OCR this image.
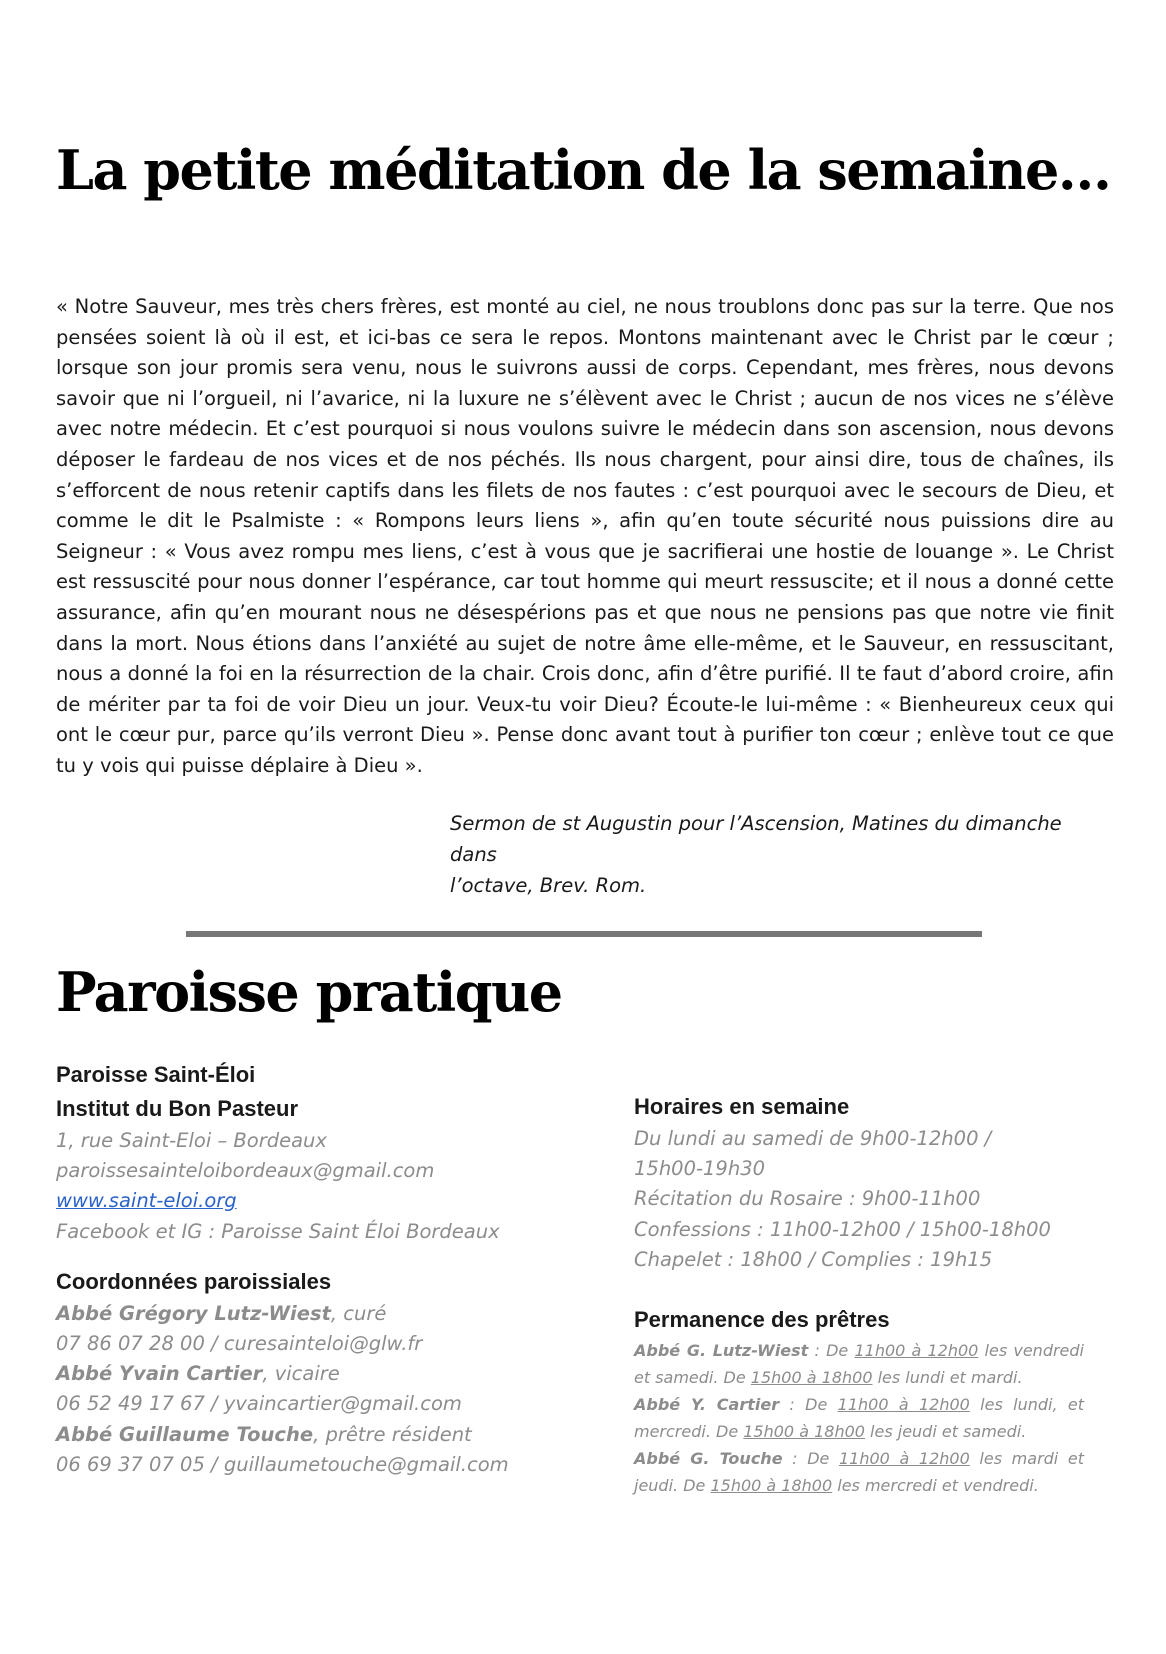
La petite méditation de la semaine…

« Notre Sauveur, mes très chers frères, est monté au ciel, ne nous troublons donc pas sur la terre. Que nos pensées soient là où il est, et ici-bas ce sera le repos. Montons maintenant avec le Christ par le cœur ; lorsque son jour promis sera venu, nous le suivrons aussi de corps. Cependant, mes frères, nous devons savoir que ni l’orgueil, ni l’avarice, ni la luxure ne s’élèvent avec le Christ ; aucun de nos vices ne s’élève avec notre médecin. Et c’est pourquoi si nous voulons suivre le médecin dans son ascension, nous devons déposer le fardeau de nos vices et de nos péchés. Ils nous chargent, pour ainsi dire, tous de chaînes, ils s’efforcent de nous retenir captifs dans les filets de nos fautes : c’est pourquoi avec le secours de Dieu, et comme le dit le Psalmiste : « Rompons leurs liens », afin qu’en toute sécurité nous puissions dire au Seigneur : « Vous avez rompu mes liens, c’est à vous que je sacrifierai une hostie de louange ». Le Christ est ressuscité pour nous donner l’espérance, car tout homme qui meurt ressuscite; et il nous a donné cette assurance, afin qu’en mourant nous ne désespérions pas et que nous ne pensions pas que notre vie finit dans la mort. Nous étions dans l’anxiété au sujet de notre âme elle-même, et le Sauveur, en ressuscitant, nous a donné la foi en la résurrection de la chair. Crois donc, afin d’être purifié. Il te faut d’abord croire, afin de mériter par ta foi de voir Dieu un jour. Veux-tu voir Dieu? Écoute-le lui-même : « Bienheureux ceux qui ont le cœur pur, parce qu’ils verront Dieu ». Pense donc avant tout à purifier ton cœur ; enlève tout ce que tu y vois qui puisse déplaire à Dieu ».

Sermon de st Augustin pour l’Ascension, Matines du dimanche dans
l’octave, Brev. Rom.

Paroisse pratique

Paroisse Saint-Éloi

Institut du Bon Pasteur

1, rue Saint-Eloi – Bordeaux

paroissesainteloibordeaux@gmail.com

www.saint-eloi.org

Facebook et IG : Paroisse Saint Éloi Bordeaux

Coordonnées paroissiales

Abbé Grégory Lutz-Wiest, curé

07 86 07 28 00 / curesainteloi@glw.fr

Abbé Yvain Cartier, vicaire

06 52 49 17 67 / yvaincartier@gmail.com

Abbé Guillaume Touche, prêtre résident

06 69 37 07 05 / guillaumetouche@gmail.com

Horaires en semaine

Du lundi au samedi de 9h00-12h00 /

15h00-19h30

Récitation du Rosaire : 9h00-11h00

Confessions : 11h00-12h00 / 15h00-18h00

Chapelet : 18h00 / Complies : 19h15

Permanence des prêtres

Abbé G. Lutz-Wiest : De 11h00 à 12h00 les vendredi et samedi. De 15h00 à 18h00 les lundi et mardi.

Abbé Y. Cartier : De 11h00 à 12h00 les lundi, et mercredi. De 15h00 à 18h00 les jeudi et samedi.

Abbé G. Touche : De 11h00 à 12h00 les mardi et jeudi. De 15h00 à 18h00 les mercredi et vendredi.
